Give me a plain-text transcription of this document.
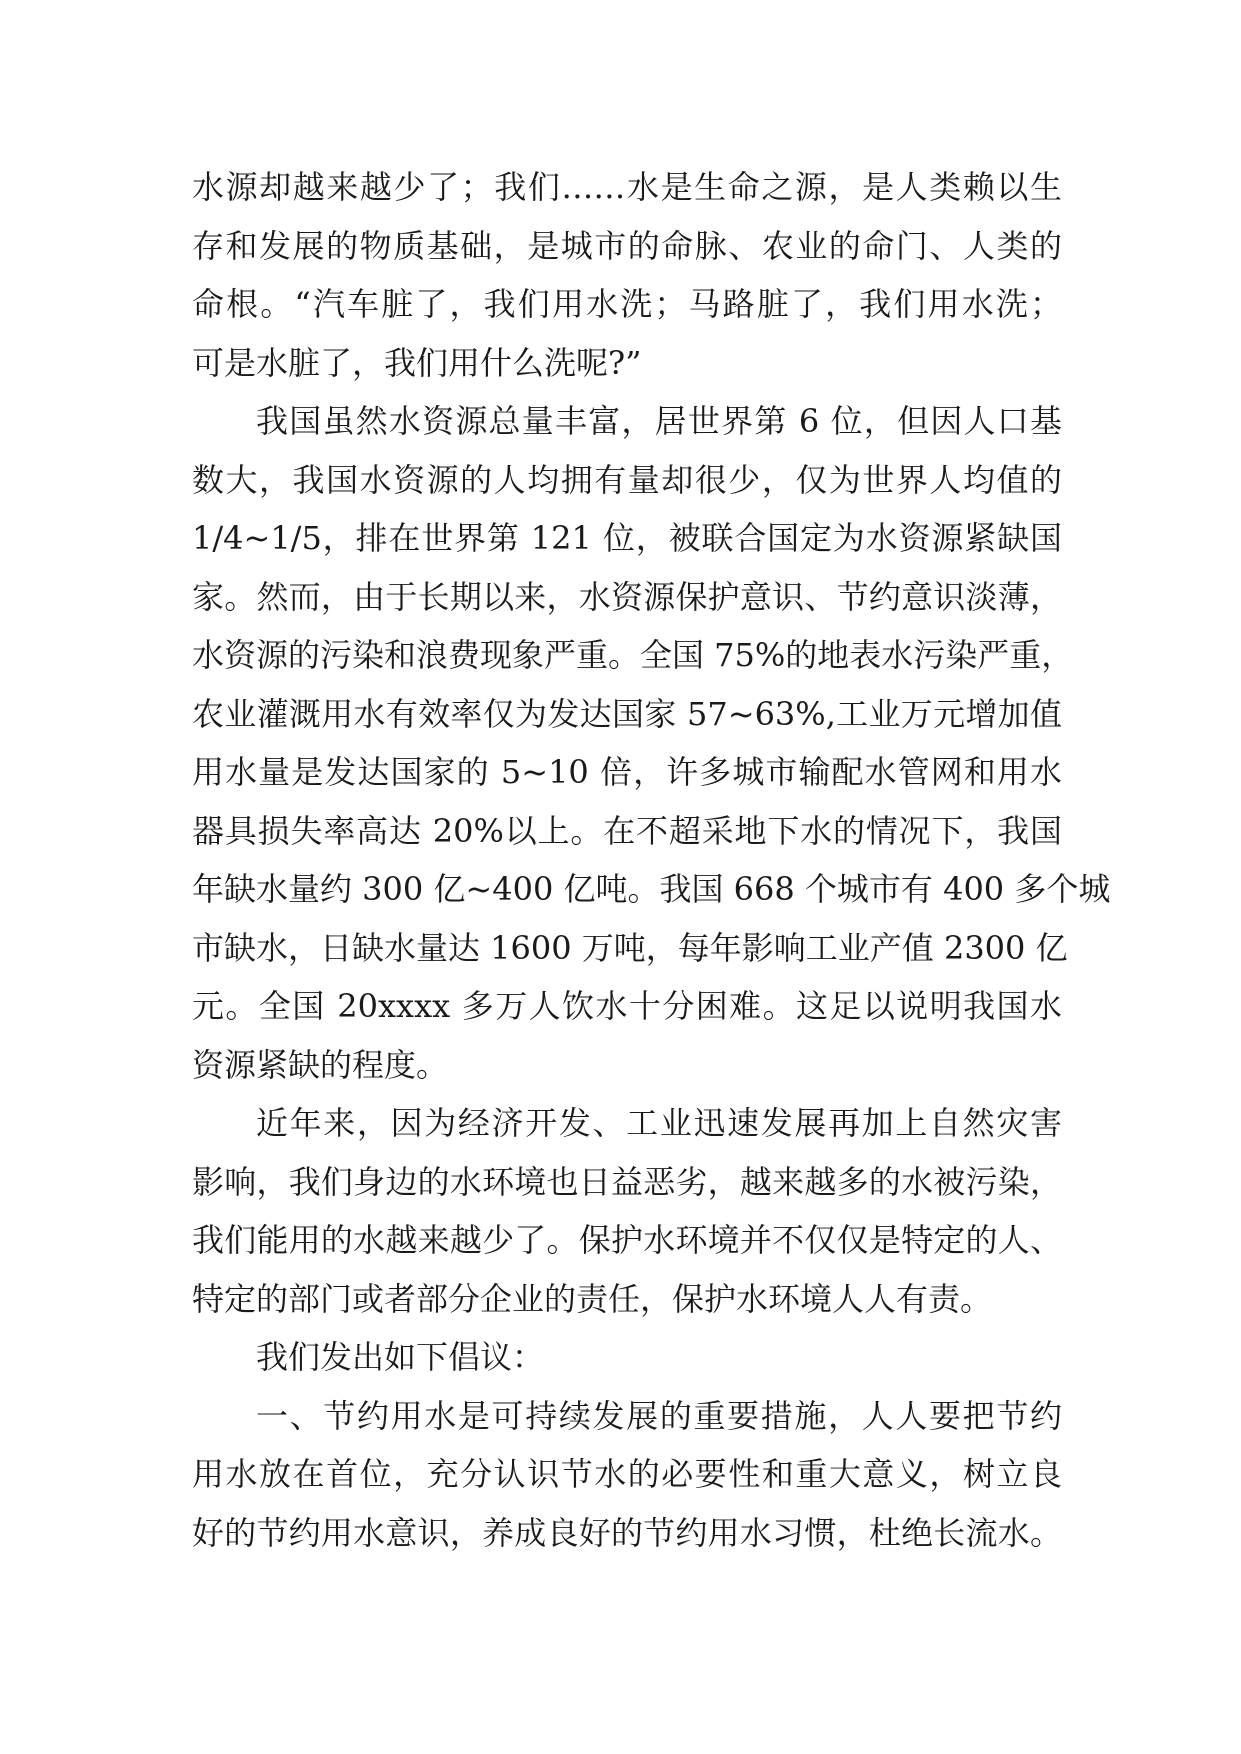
水源却越来越少了；我们……水是生命之源，是人类赖以生
存和发展的物质基础，是城市的命脉、农业的命门、人类的
命根。“汽车脏了，我们用水洗；马路脏了，我们用水洗；
可是水脏了，我们用什么洗呢?”
我国虽然水资源总量丰富，居世界第 6 位，但因人口基
数大，我国水资源的人均拥有量却很少，仅为世界人均值的
1/4~1/5，排在世界第 121 位，被联合国定为水资源紧缺国
家。然而，由于长期以来，水资源保护意识、节约意识淡薄，
水资源的污染和浪费现象严重。全国 75%的地表水污染严重，
农业灌溉用水有效率仅为发达国家 57~63%,工业万元增加值
用水量是发达国家的 5~10 倍，许多城市输配水管网和用水
器具损失率高达 20%以上。在不超采地下水的情况下，我国
年缺水量约 300 亿~400 亿吨。我国 668 个城市有 400 多个城
市缺水，日缺水量达 1600 万吨，每年影响工业产值 2300 亿
元。全国 20xxxx 多万人饮水十分困难。这足以说明我国水
资源紧缺的程度。
近年来，因为经济开发、工业迅速发展再加上自然灾害
影响，我们身边的水环境也日益恶劣，越来越多的水被污染，
我们能用的水越来越少了。保护水环境并不仅仅是特定的人、
特定的部门或者部分企业的责任，保护水环境人人有责。
我们发出如下倡议：
一、节约用水是可持续发展的重要措施，人人要把节约
用水放在首位，充分认识节水的必要性和重大意义，树立良
好的节约用水意识，养成良好的节约用水习惯，杜绝长流水。
